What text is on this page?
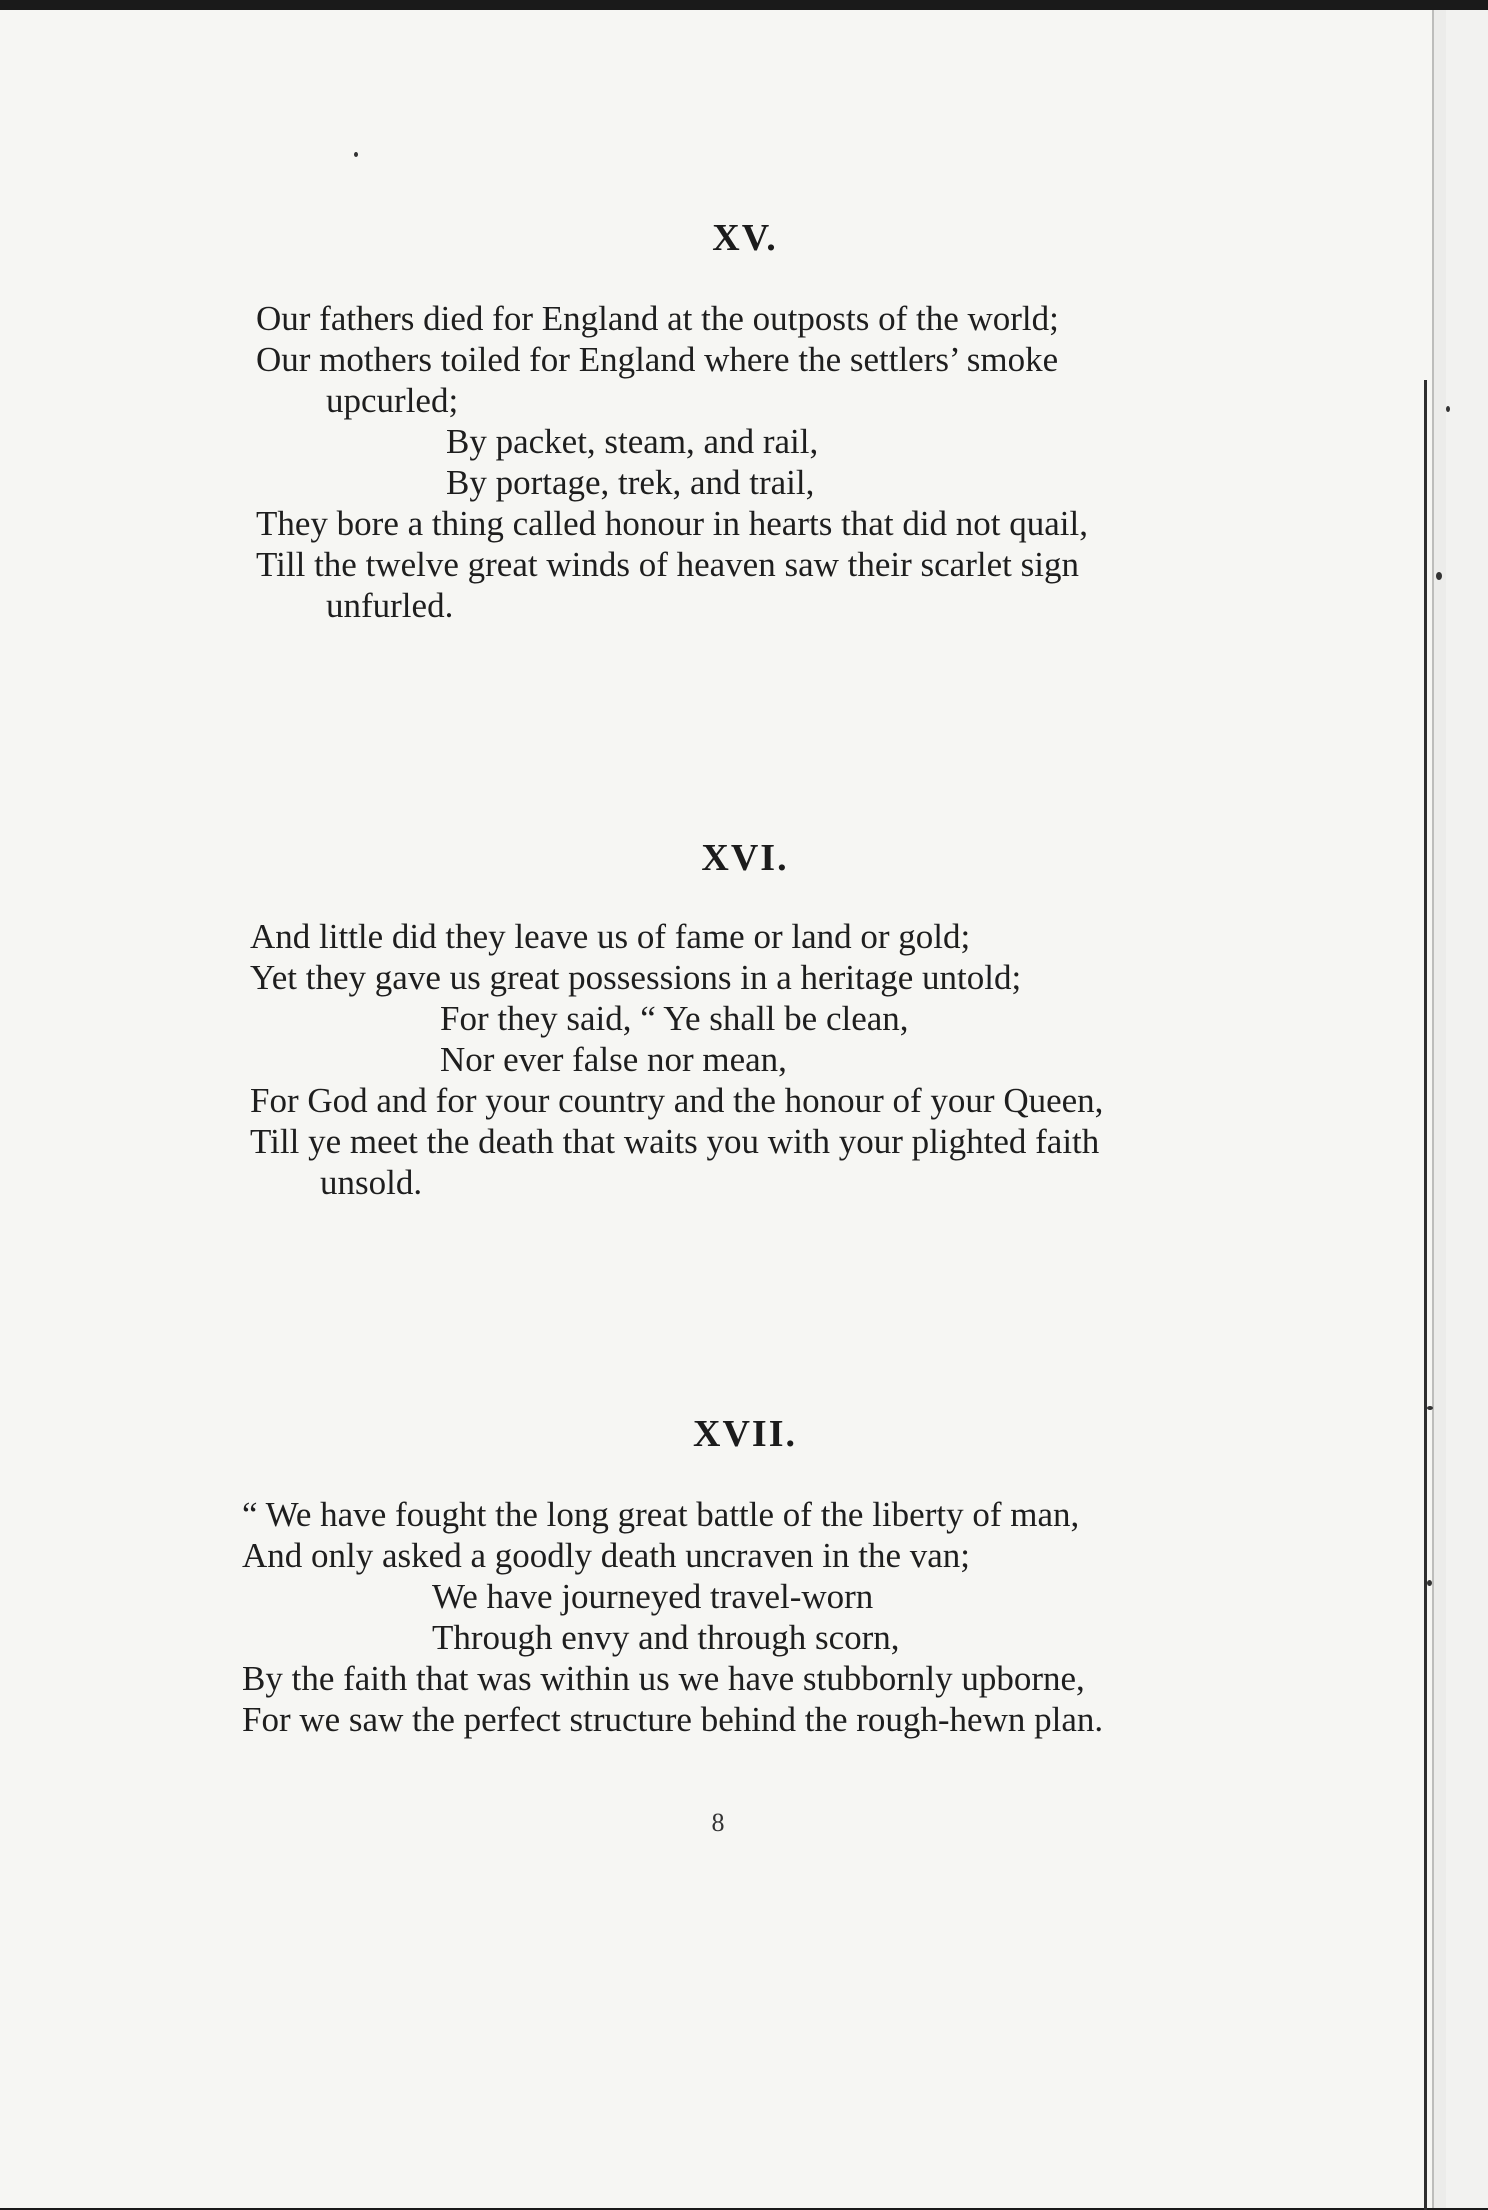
XV.
Our fathers died for England at the outposts of the world;
Our mothers toiled for England where the settlers’ smoke
upcurled;
By packet, steam, and rail,
By portage, trek, and trail,
They bore a thing called honour in hearts that did not quail,
Till the twelve great winds of heaven saw their scarlet sign
unfurled.
XVI.
And little did they leave us of fame or land or gold;
Yet they gave us great possessions in a heritage untold;
For they said, “ Ye shall be clean,
Nor ever false nor mean,
For God and for your country and the honour of your Queen,
Till ye meet the death that waits you with your plighted faith
unsold.
XVII.
“ We have fought the long great battle of the liberty of man,
And only asked a goodly death uncraven in the van;
We have journeyed travel-worn
Through envy and through scorn,
By the faith that was within us we have stubbornly upborne,
For we saw the perfect structure behind the rough-hewn plan.

8
